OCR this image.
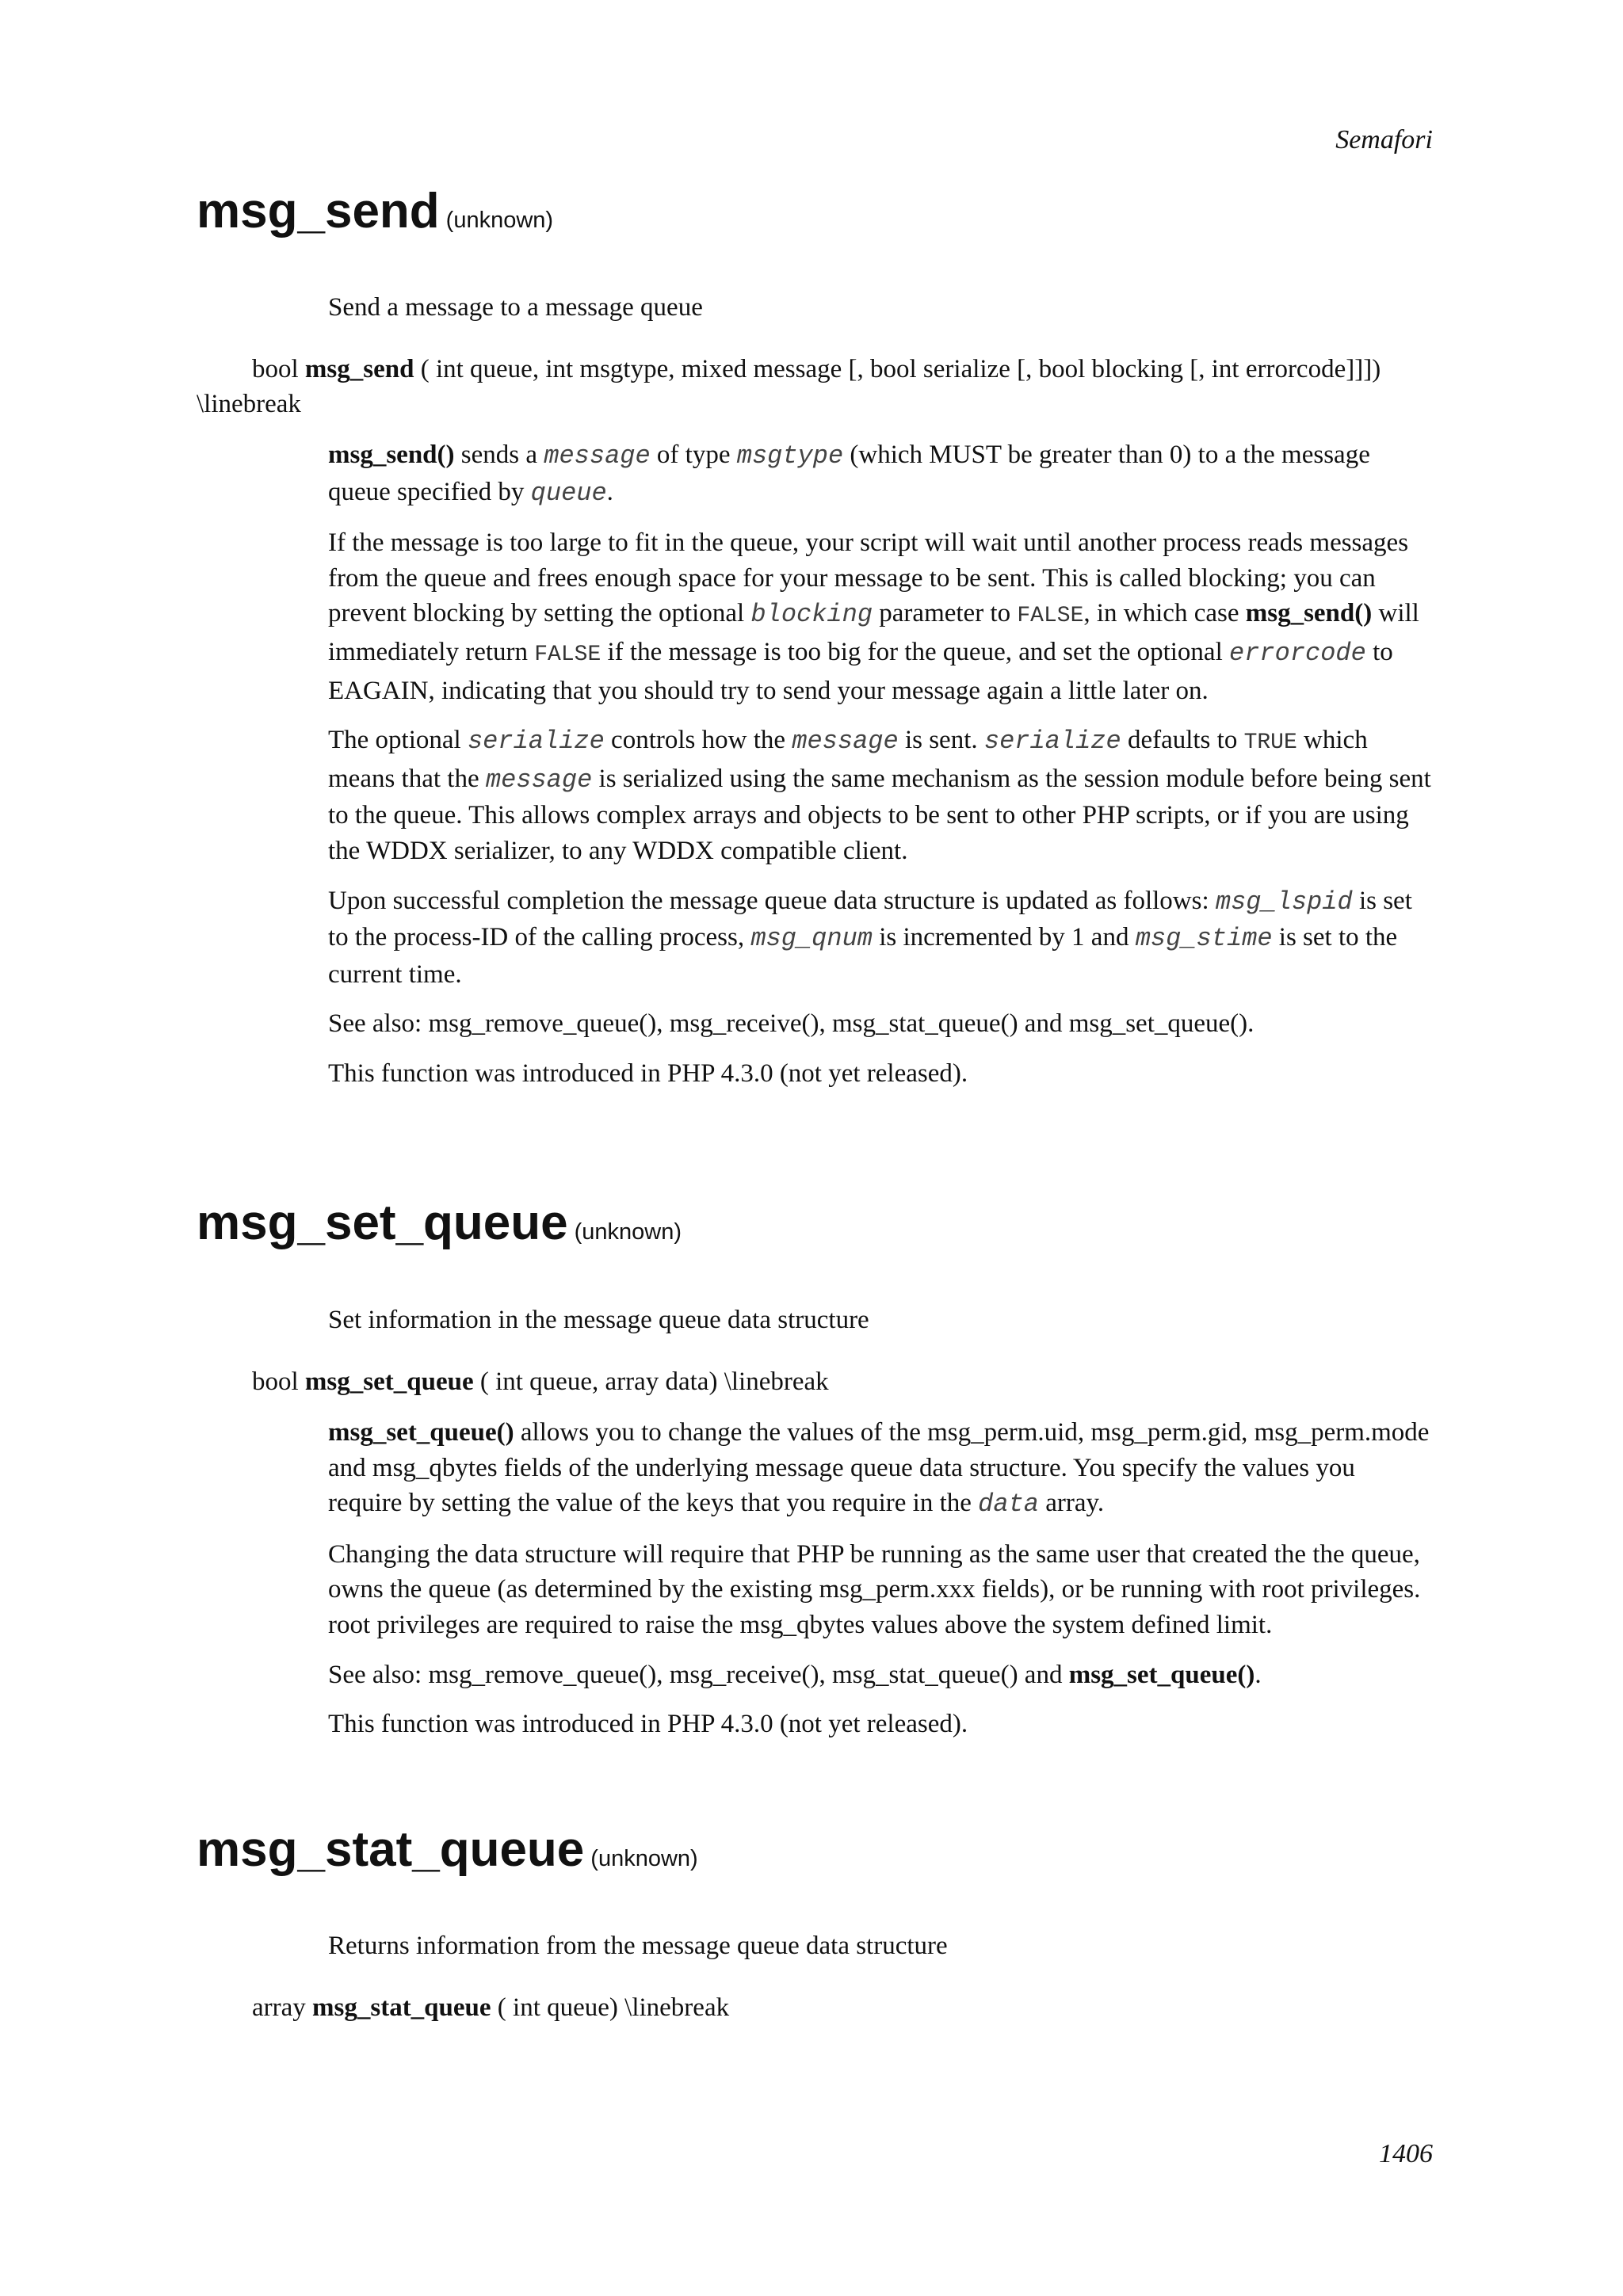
Semafori
msg_send (unknown)
Send a message to a message queue
bool msg_send ( int queue, int msgtype, mixed message [, bool serialize [, bool blocking [, int errorcode]]]) \linebreak

msg_send() sends a message of type msgtype (which MUST be greater than 0) to a the message queue specified by queue.

If the message is too large to fit in the queue, your script will wait until another process reads messages from the queue and frees enough space for your message to be sent. This is called blocking; you can prevent blocking by setting the optional blocking parameter to FALSE, in which case msg_send() will immediately return FALSE if the message is too big for the queue, and set the optional errorcode to EAGAIN, indicating that you should try to send your message again a little later on.

The optional serialize controls how the message is sent. serialize defaults to TRUE which means that the message is serialized using the same mechanism as the session module before being sent to the queue. This allows complex arrays and objects to be sent to other PHP scripts, or if you are using the WDDX serializer, to any WDDX compatible client.

Upon successful completion the message queue data structure is updated as follows: msg_lspid is set to the process-ID of the calling process, msg_qnum is incremented by 1 and msg_stime is set to the current time.

See also: msg_remove_queue(), msg_receive(), msg_stat_queue() and msg_set_queue().

This function was introduced in PHP 4.3.0 (not yet released).

msg_set_queue (unknown)
Set information in the message queue data structure
bool msg_set_queue ( int queue, array data) \linebreak

msg_set_queue() allows you to change the values of the msg_perm.uid, msg_perm.gid, msg_perm.mode and msg_qbytes fields of the underlying message queue data structure. You specify the values you require by setting the value of the keys that you require in the data array.

Changing the data structure will require that PHP be running as the same user that created the the queue, owns the queue (as determined by the existing msg_perm.xxx fields), or be running with root privileges. root privileges are required to raise the msg_qbytes values above the system defined limit.

See also: msg_remove_queue(), msg_receive(), msg_stat_queue() and msg_set_queue().

This function was introduced in PHP 4.3.0 (not yet released).

msg_stat_queue (unknown)
Returns information from the message queue data structure
array msg_stat_queue ( int queue) \linebreak
1406
